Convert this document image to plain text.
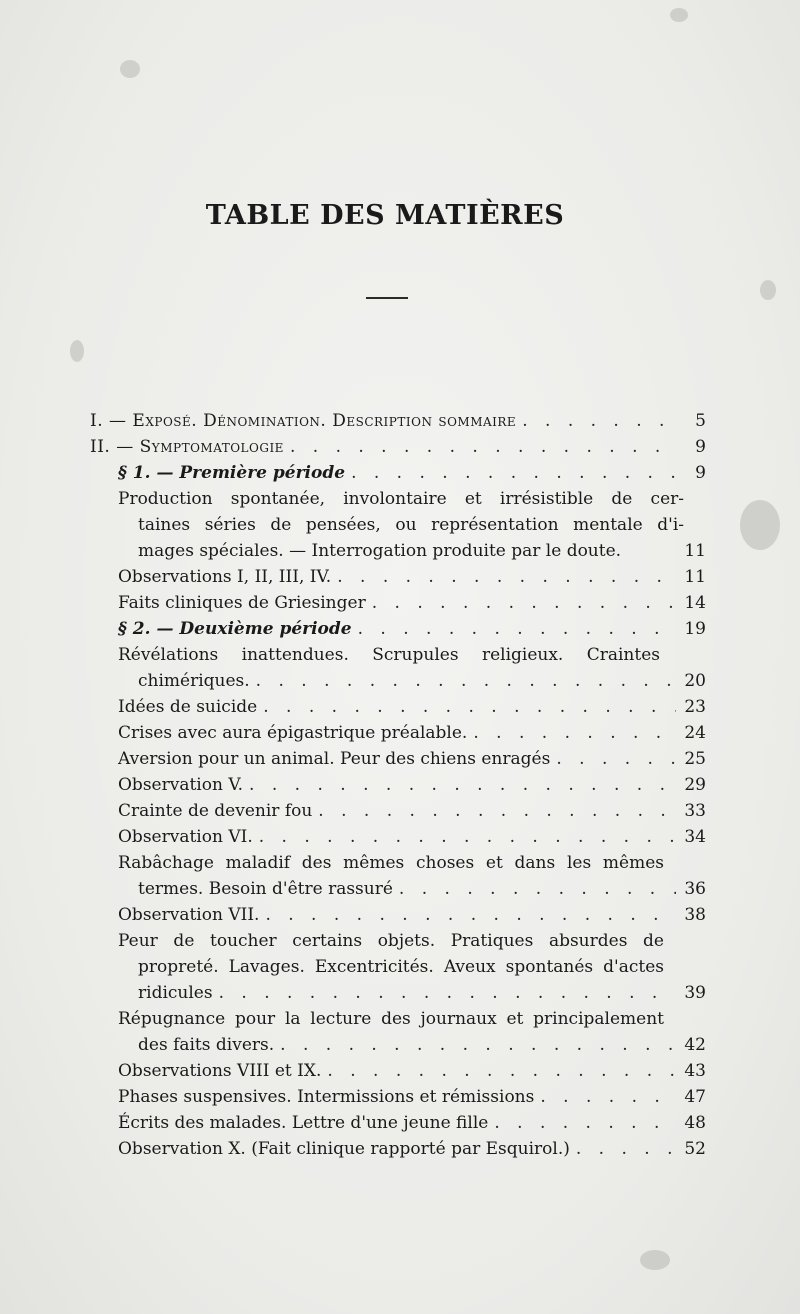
TABLE DES MATIÈRES
I. — Exposé. Dénomination. Description sommaire . . .	5
II. — Symptomatologie . . .	9
§ 1. — Première période . . .	9
Production spontanée, involontaire et irrésistible de cer-
taines séries de pensées, ou représentation mentale d'i-
mages spéciales. — Interrogation produite par le doute.	11
Observations I, II, III, IV. . . .	11
Faits cliniques de Griesinger . . .	14
§ 2. — Deuxième période . . .	19
Révélations inattendues. Scrupules religieux. Craintes
chimériques. . . .	20
Idées de suicide . . .	23
Crises avec aura épigastrique préalable. . . .	24
Aversion pour un animal. Peur des chiens enragés . . .	25
Observation V. . . .	29
Crainte de devenir fou . . .	33
Observation VI. . . .	34
Rabâchage maladif des mêmes choses et dans les mêmes
termes. Besoin d'être rassuré . . .	36
Observation VII. . . .	38
Peur de toucher certains objets. Pratiques absurdes de
propreté. Lavages. Excentricités. Aveux spontanés d'actes
ridicules . . .	39
Répugnance pour la lecture des journaux et principalement
des faits divers. . . .	42
Observations VIII et IX. . . .	43
Phases suspensives. Intermissions et rémissions . . .	47
Écrits des malades. Lettre d'une jeune fille . . .	48
Observation X. (Fait clinique rapporté par Esquirol.) . . .	52
